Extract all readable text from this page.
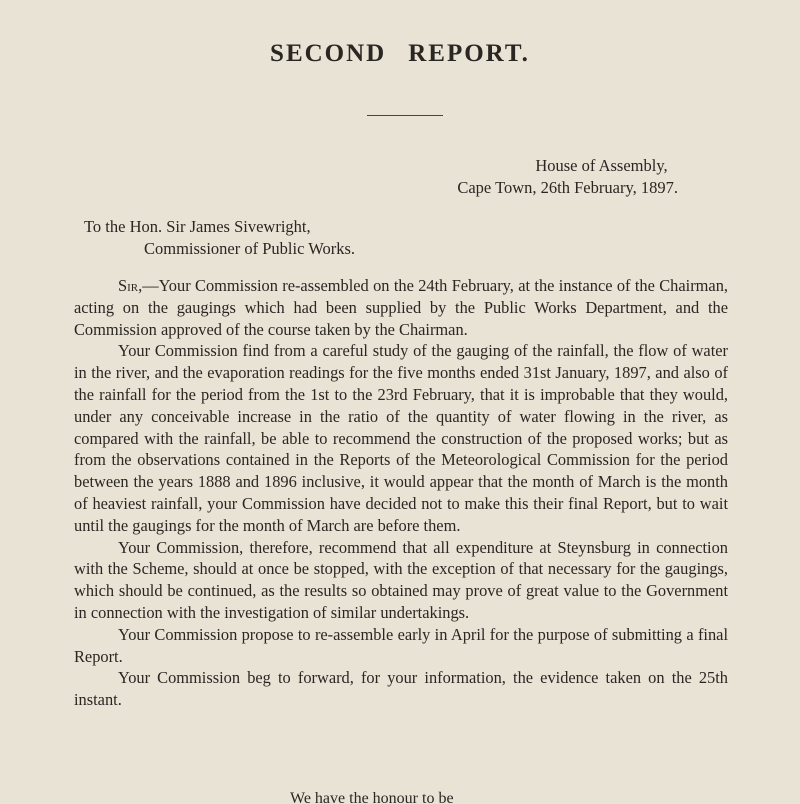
SECOND REPORT.
House of Assembly,
Cape Town, 26th February, 1897.
To the Hon. Sir James Sivewright,
Commissioner of Public Works.

Sir,—Your Commission re-assembled on the 24th February, at the instance of the Chairman, acting on the gaugings which had been supplied by the Public Works Department, and the Commission approved of the course taken by the Chairman.

Your Commission find from a careful study of the gauging of the rainfall, the flow of water in the river, and the evaporation readings for the five months ended 31st January, 1897, and also of the rainfall for the period from the 1st to the 23rd February, that it is improbable that they would, under any conceivable increase in the ratio of the quantity of water flowing in the river, as compared with the rainfall, be able to recommend the construction of the proposed works; but as from the observations contained in the Reports of the Meteorological Commission for the period between the years 1888 and 1896 inclusive, it would appear that the month of March is the month of heaviest rainfall, your Commission have decided not to make this their final Report, but to wait until the gaugings for the month of March are before them.

Your Commission, therefore, recommend that all expenditure at Steynsburg in connection with the Scheme, should at once be stopped, with the exception of that necessary for the gaugings, which should be continued, as the results so obtained may prove of great value to the Government in connection with the investigation of similar undertakings.

Your Commission propose to re-assemble early in April for the purpose of submitting a final Report.

Your Commission beg to forward, for your information, the evidence taken on the 25th instant.

We have the honour to be
